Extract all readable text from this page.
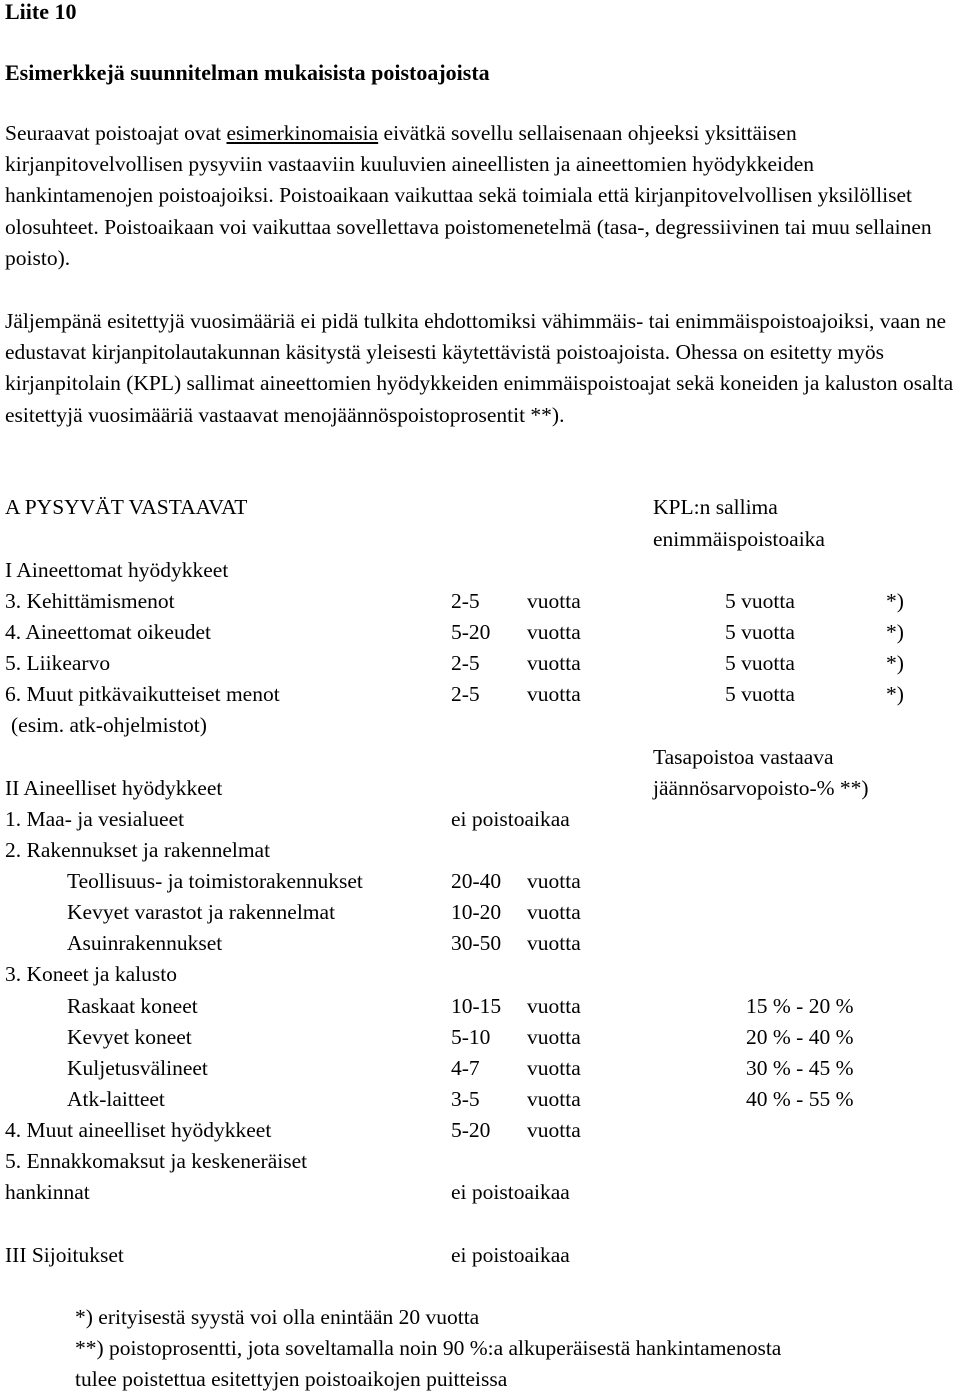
Liite 10
Esimerkkejä suunnitelman mukaisista poistoajoista
Seuraavat poistoajat ovat esimerkinomaisia eivätkä sovellu sellaisenaan ohjeeksi yksittäisen kirjanpitovelvollisen pysyviin vastaaviin kuuluvien aineellisten ja aineettomien hyödykkeiden hankintamenojen poistoajoiksi. Poistoaikaan vaikuttaa sekä toimiala että kirjanpitovelvollisen yksilölliset olosuhteet. Poistoaikaan voi vaikuttaa sovellettava poistomenetelmä (tasa-, degressiivinen tai muu sellainen poisto).
Jäljempänä esitettyjä vuosimääriä ei pidä tulkita ehdottomiksi vähimmäis- tai enimmäispoistoajoiksi, vaan ne edustavat kirjanpitolautakunnan käsitystä yleisesti käytettävistä poistoajoista. Ohessa on esitetty myös kirjanpitolain (KPL) sallimat aineettomien hyödykkeiden enimmäispoistoajat sekä koneiden ja kaluston osalta esitettyjä vuosimääriä vastaavat menojäännöspoistoprosentit **).
A PYSYVÄT VASTAAVAT	KPL:n sallima
enimmäispoistoaika
I Aineettomat hyödykkeet
3. Kehittämismenot	2-5 vuotta	5 vuotta	*)
4. Aineettomat oikeudet	5-20 vuotta	5 vuotta	*)
5. Liikearvo	2-5 vuotta	5 vuotta	*)
6. Muut pitkävaikutteiset menot	2-5 vuotta	5 vuotta	*)
(esim. atk-ohjelmistot)
Tasapoistoa vastaava
jäännösarvopoisto-% **)
II Aineelliset hyödykkeet
1. Maa- ja vesialueet	ei poistoaikaa
2. Rakennukset ja rakennelmat
Teollisuus- ja toimistorakennukset	20-40 vuotta
Kevyet varastot ja rakennelmat	10-20 vuotta
Asuinrakennukset	30-50 vuotta
3. Koneet ja kalusto
Raskaat koneet	10-15 vuotta	15 % - 20 %
Kevyet koneet	5-10 vuotta	20 % - 40 %
Kuljetusvälineet	4-7 vuotta	30 % - 45 %
Atk-laitteet	3-5 vuotta	40 % - 55 %
4. Muut aineelliset hyödykkeet	5-20 vuotta
5. Ennakkomaksut ja keskeneräiset
hankinnat	ei poistoaikaa
III Sijoitukset	ei poistoaikaa
*) erityisestä syystä voi olla enintään 20 vuotta
**) poistoprosentti, jota soveltamalla noin 90 %:a alkuperäisestä hankintamenosta
tulee poistettua esitettyjen poistoaikojen puitteissa
